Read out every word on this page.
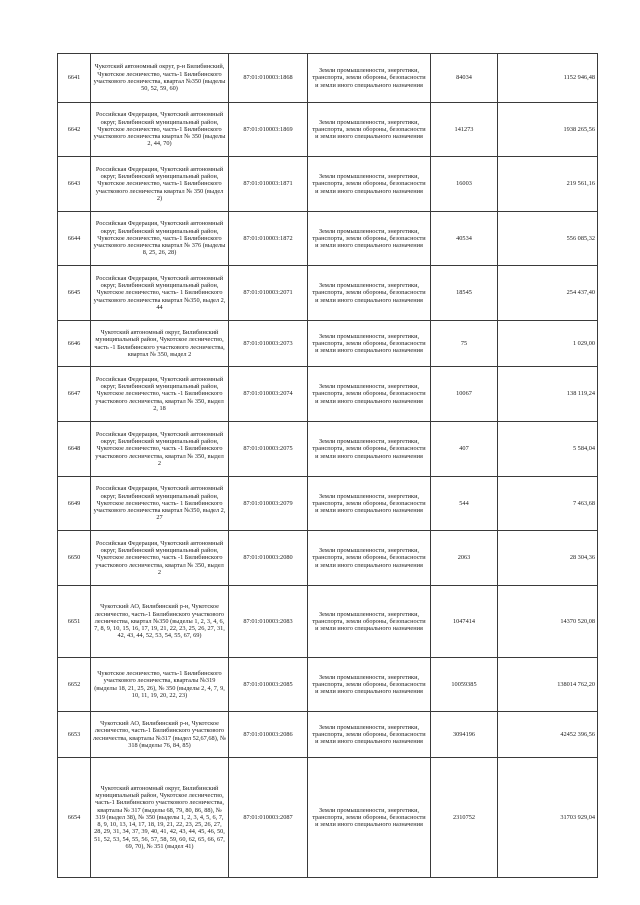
6641	Чукотский автономный округ, р-н Билибинский, Чукотское лесничество, часть-1 Билибинского участкового лесничества, квартал №350 (выделы 50, 52, 59, 60)	87:01:010003:1868	Земли промышленности, энергетики, транспорта, земли обороны, безопасности и земли иного специального назначения	84034	1152 946,48
6642	Российская Федерация, Чукотский автономный округ, Билибинский муниципальный район, Чукотское лесничество, часть-1 Билибинского участкового лесничества квартал № 350 (выделы 2, 44, 70)	87:01:010003:1869	Земли промышленности, энергетики, транспорта, земли обороны, безопасности и земли иного специального назначения	141273	1938 265,56
6643	Российская Федерация, Чукотский автономный округ, Билибинский муниципальный район, Чукотское лесничество, часть-1 Билибинского участкового лесничества квартал № 350 (выдел 2)	87:01:010003:1871	Земли промышленности, энергетики, транспорта, земли обороны, безопасности и земли иного специального назначения	16003	219 561,16
6644	Российская Федерация, Чукотский автономный округ, Билибинский муниципальный район, Чукотское лесничество, часть-1 Билибинского участкового лесничества квартал № 376 (выделы 8, 25, 26, 28)	87:01:010003:1872	Земли промышленности, энергетики, транспорта, земли обороны, безопасности и земли иного специального назначения	40534	556 085,32
6645	Российская Федерация, Чукотский автономный округ, Билибинский муниципальный район, Чукотское лесничество, часть- 1 Билибинского участкового лесничества квартал №350, выдел 2, 44	87:01:010003:2071	Земли промышленности, энергетики, транспорта, земли обороны, безопасности и земли иного специального назначения	18545	254 437,40
6646	Чукотский автономный округ, Билибинский муниципальный район, Чукотское лесничество, часть -1 Билибинского участкового лесничества, квартал № 350, выдел 2	87:01:010003:2073	Земли промышленности, энергетики, транспорта, земли обороны, безопасности и земли иного специального назначения	75	1 029,00
6647	Российская Федерация, Чукотский автономный округ, Билибинский муниципальный район, Чукотское лесничество, часть -1 Билибинского участкового лесничества, квартал № 350, выдел 2, 18	87:01:010003:2074	Земли промышленности, энергетики, транспорта, земли обороны, безопасности и земли иного специального назначения	10067	138 119,24
6648	Российская Федерация, Чукотский автономный округ, Билибинский муниципальный район, Чукотское лесничество, часть -1 Билибинского участкового лесничества, квартал № 350, выдел 2	87:01:010003:2075	Земли промышленности, энергетики, транспорта, земли обороны, безопасности и земли иного специального назначения	407	5 584,04
6649	Российская Федерация, Чукотский автономный округ, Билибинский муниципальный район, Чукотское лесничество, часть- 1 Билибинского участкового лесничества квартал №350, выдел 2, 27	87:01:010003:2079	Земли промышленности, энергетики, транспорта, земли обороны, безопасности и земли иного специального назначения	544	7 463,68
6650	Российская Федерация, Чукотский автономный округ, Билибинский муниципальный район, Чукотское лесничество, часть -1 Билибинского участкового лесничества, квартал № 350, выдел 2	87:01:010003:2080	Земли промышленности, энергетики, транспорта, земли обороны, безопасности и земли иного специального назначения	2063	28 304,36
6651	Чукотский АО, Билибинский р-н, Чукотское лесничество, часть-1 Билибинского участкового лесничества, квартал №350 (выделы 1, 2, 3, 4, 6, 7, 8, 9, 10, 15, 16, 17, 19, 21, 22, 23, 25, 26, 27, 31, 42, 43, 44, 52, 53, 54, 55, 67, 69)	87:01:010003:2083	Земли промышленности, энергетики, транспорта, земли обороны, безопасности и земли иного специального назначения	1047414	14370 520,08
6652	Чукотское лесничество, часть-1 Билибинского участкового лесничества, кварталы №319 (выделы 18, 21, 25, 26), № 350 (выделы 2, 4, 7, 9, 10, 11, 19, 20, 22, 23)	87:01:010003:2085	Земли промышленности, энергетики, транспорта, земли обороны, безопасности и земли иного специального назначения	10059385	138014 762,20
6653	Чукотский АО, Билибинский р-н, Чукотское лесничество, часть-1 Билибинского участкового лесничества, кварталы №317 (выдел 52,67,68), № 318 (выделы 76, 84, 85)	87:01:010003:2086	Земли промышленности, энергетики, транспорта, земли обороны, безопасности и земли иного специального назначения	3094196	42452 396,56
6654	Чукотский автономный округ, Билибинский муниципальный район, Чукотское лесничество, часть-1 Билибинского участкового лесничества, кварталы № 317 (выделы 68, 79, 80, 86, 88), № 319 (выдел 38), № 350 (выделы 1, 2, 3, 4, 5, 6, 7, 8, 9, 10, 13, 14, 17, 18, 19, 21, 22, 23, 25, 26, 27, 28, 29, 31, 34, 37, 39, 40, 41, 42, 43, 44, 45, 46, 50, 51, 52, 53, 54, 55, 56, 57, 58, 59, 60, 62, 65, 66, 67, 69, 70), № 351 (выдел 41)	87:01:010003:2087	Земли промышленности, энергетики, транспорта, земли обороны, безопасности и земли иного специального назначения	2310752	31703 929,04
